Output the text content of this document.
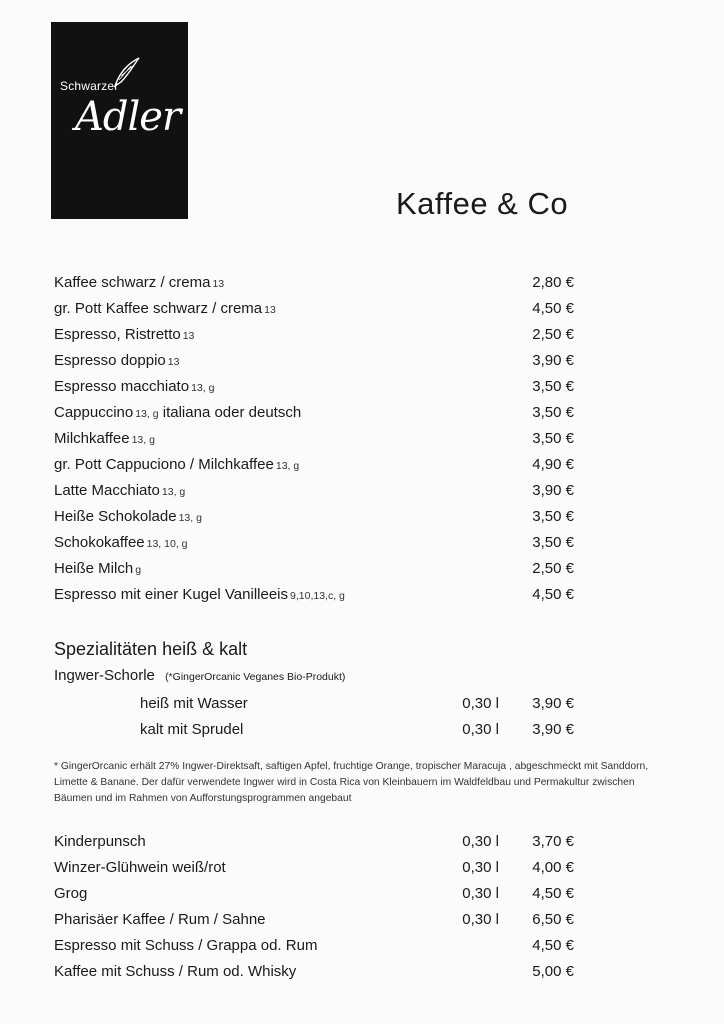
Schwarzer
Adler
Kaffee & Co
Kaffee schwarz / crema 13	2,80 €
gr. Pott Kaffee schwarz / crema 13	4,50 €
Espresso, Ristretto 13	2,50 €
Espresso doppio 13	3,90 €
Espresso macchiato 13, g	3,50 €
Cappuccino 13, g italiana oder deutsch	3,50 €
Milchkaffee 13, g	3,50 €
gr. Pott Cappuciono / Milchkaffee 13, g	4,90 €
Latte Macchiato 13, g	3,90 €
Heiße Schokolade 13, g	3,50 €
Schokokaffee 13, 10, g	3,50 €
Heiße Milch g	2,50 €
Espresso mit einer Kugel Vanilleeis 9,10,13,c, g	4,50 €
Spezialitäten heiß & kalt
Ingwer-Schorle (*GingerOrcanic Veganes Bio-Produkt)
heiß mit Wasser	0,30 l 3,90 €
kalt mit Sprudel	0,30 l 3,90 €
* GingerOrcanic erhält 27% Ingwer-Direktsaft, saftigen Apfel, fruchtige Orange, tropischer Maracuja , abgeschmeckt mit Sanddorn, Limette & Banane. Der dafür verwendete Ingwer wird in Costa Rica von Kleinbauern im Waldfeldbau und Permakultur zwischen Bäumen und im Rahmen von Aufforstungsprogrammen angebaut
Kinderpunsch	0,30 l 3,70 €
Winzer-Glühwein weiß/rot	0,30 l 4,00 €
Grog	0,30 l 4,50 €
Pharisäer Kaffee / Rum / Sahne	0,30 l 6,50 €
Espresso mit Schuss / Grappa od. Rum	4,50 €
Kaffee mit Schuss / Rum od. Whisky	5,00 €
